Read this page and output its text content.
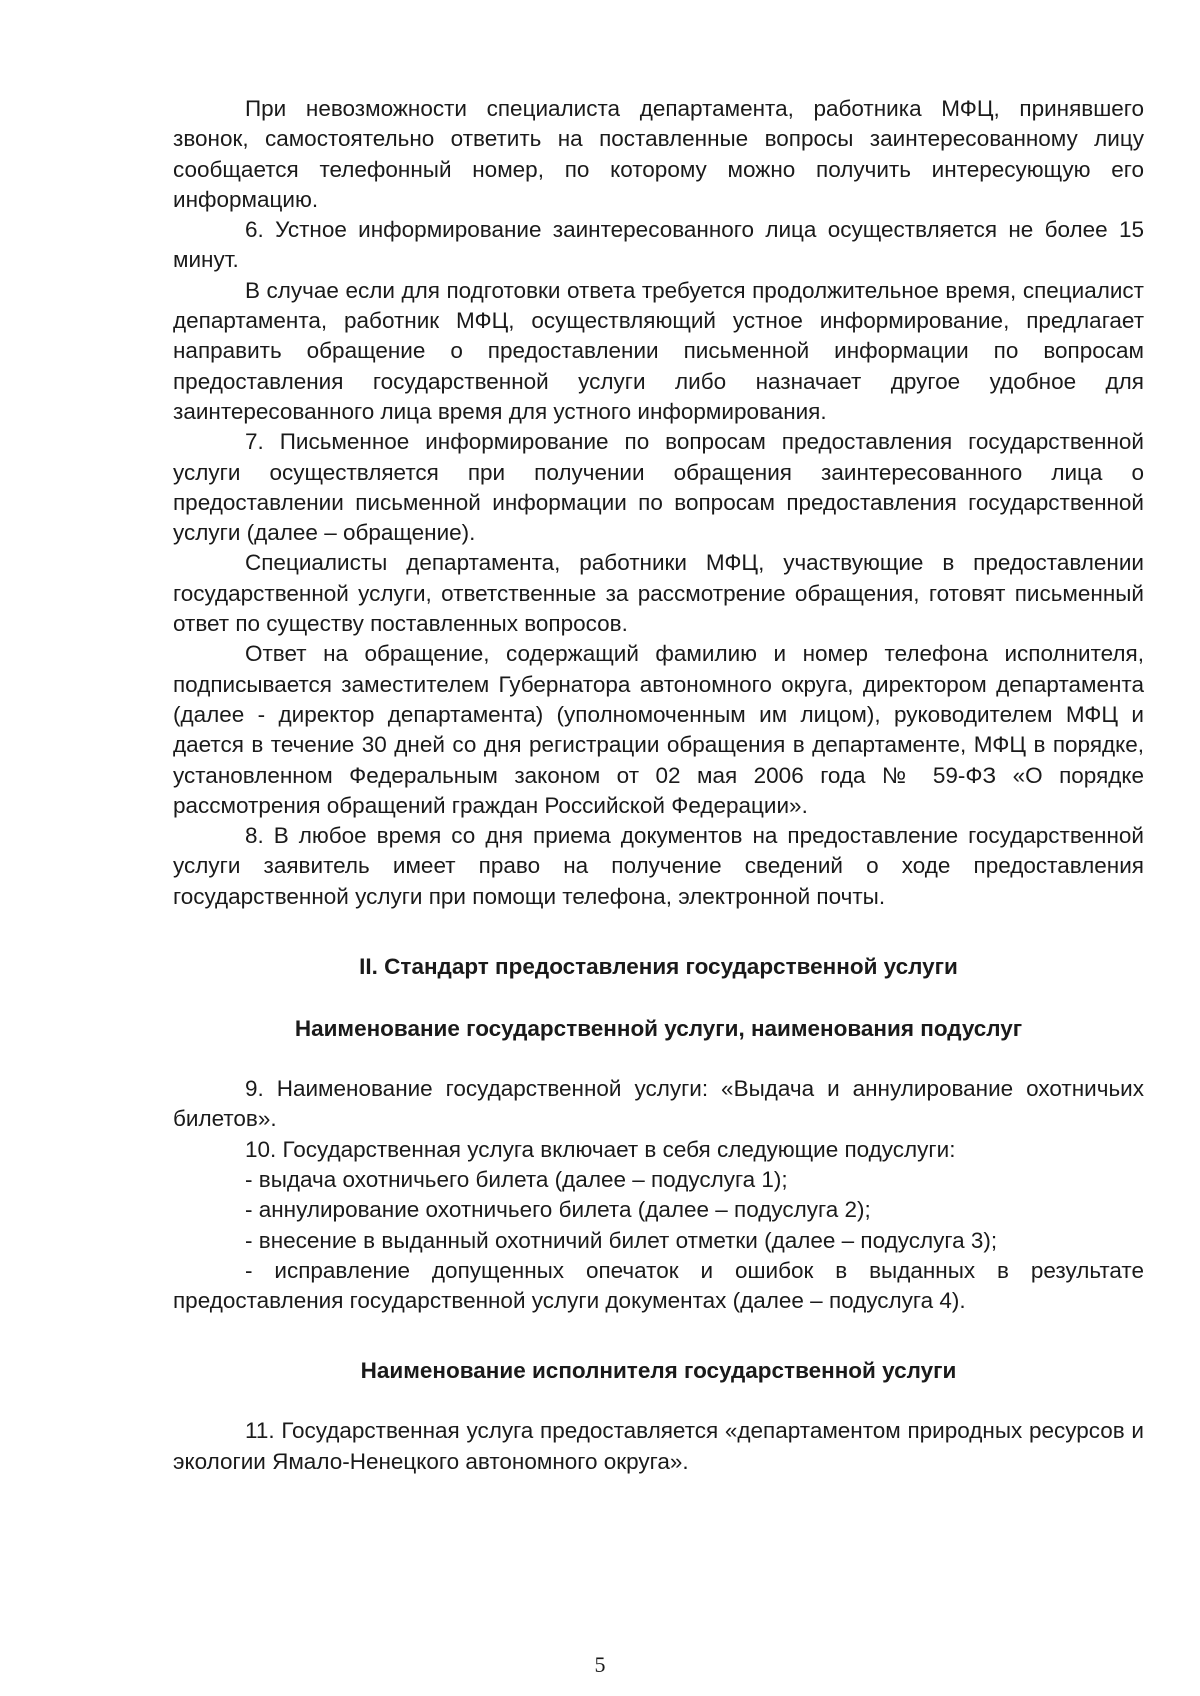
При невозможности специалиста департамента, работника МФЦ, принявшего звонок, самостоятельно ответить на поставленные вопросы заинтересованному лицу сообщается телефонный номер, по которому можно получить интересующую его информацию.

6. Устное информирование заинтересованного лица осуществляется не более 15 минут.

В случае если для подготовки ответа требуется продолжительное время, специалист департамента, работник МФЦ, осуществляющий устное информирование, предлагает направить обращение о предоставлении письменной информации по вопросам предоставления государственной услуги либо назначает другое удобное для заинтересованного лица время для устного информирования.

7. Письменное информирование по вопросам предоставления государственной услуги осуществляется при получении обращения заинтересованного лица о предоставлении письменной информации по вопросам предоставления государственной услуги (далее – обращение).

Специалисты департамента, работники МФЦ, участвующие в предоставлении государственной услуги, ответственные за рассмотрение обращения, готовят письменный ответ по существу поставленных вопросов.

Ответ на обращение, содержащий фамилию и номер телефона исполнителя, подписывается заместителем Губернатора автономного округа, директором департамента (далее - директор департамента) (уполномоченным им лицом), руководителем МФЦ и дается в течение 30 дней со дня регистрации обращения в департаменте, МФЦ в порядке, установленном Федеральным законом от 02 мая 2006 года № 59-ФЗ «О порядке рассмотрения обращений граждан Российской Федерации».

8. В любое время со дня приема документов на предоставление государственной услуги заявитель имеет право на получение сведений о ходе предоставления государственной услуги при помощи телефона, электронной почты.

II. Стандарт предоставления государственной услуги
Наименование государственной услуги, наименования подуслуг

9. Наименование государственной услуги: «Выдача и аннулирование охотничьих билетов».

10. Государственная услуга включает в себя следующие подуслуги:

- выдача охотничьего билета (далее – подуслуга 1);

- аннулирование охотничьего билета (далее – подуслуга 2);

- внесение в выданный охотничий билет отметки (далее – подуслуга 3);

- исправление допущенных опечаток и ошибок в выданных в результате предоставления государственной услуги документах (далее – подуслуга 4).

Наименование исполнителя государственной услуги

11. Государственная услуга предоставляется «департаментом природных ресурсов и экологии Ямало-Ненецкого автономного округа».

5
